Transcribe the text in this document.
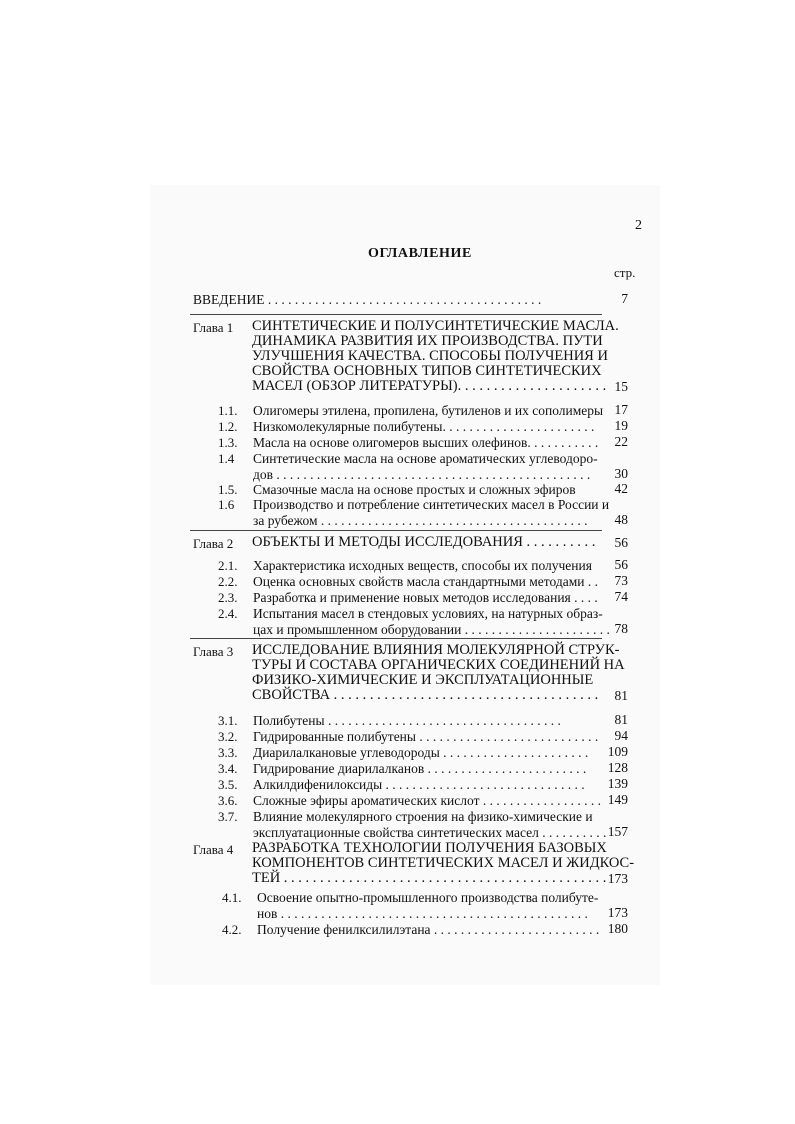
2
ОГЛАВЛЕНИЕ
стр.
ВВЕДЕНИЕ . . . . . . . . . . . . . . . . . . . . . . . . . . . . . . . . . . . . . . . . .	7
Глава 1 СИНТЕТИЧЕСКИЕ И ПОЛУСИНТЕТИЧЕСКИЕ МАСЛА.
ДИНАМИКА РАЗВИТИЯ ИХ ПРОИЗВОДСТВА. ПУТИ
УЛУЧШЕНИЯ КАЧЕСТВА. СПОСОБЫ ПОЛУЧЕНИЯ И
СВОЙСТВА ОСНОВНЫХ ТИПОВ СИНТЕТИЧЕСКИХ
МАСЕЛ (ОБЗОР ЛИТЕРАТУРЫ). . . . . . . . . . . . . . . . . . . . . 15
1.1. Олигомеры этилена, пропилена, бутиленов и их сополимеры 17
1.2. Низкомолекулярные полибутены. . . . . . . . . . . . . . . . . . . . . . .	19
1.3. Масла на основе олигомеров высших олефинов. . . . . . . . . . .	22
1.4 Синтетические масла на основе ароматических углеводоро-
дов . . . . . . . . . . . . . . . . . . . . . . . . . . . . . . . . . . . . . . . . . . . . . . .	30
1.5. Смазочные масла на основе простых и сложных эфиров	42
1.6 Производство и потребление синтетических масел в России и
за рубежом . . . . . . . . . . . . . . . . . . . . . . . . . . . . . . . . . . . . . . . .	48
Глава 2 ОБЪЕКТЫ И МЕТОДЫ ИССЛЕДОВАНИЯ . . . . . . . . . .	56
2.1. Характеристика исходных веществ, способы их получения	56
2.2. Оценка основных свойств масла стандартными методами . .	73
2.3. Разработка и применение новых методов исследования . . . .	74
2.4. Испытания масел в стендовых условиях, на натурных образ-
цах и промышленном оборудовании . . . . . . . . . . . . . . . . . . . . . . 78
Глава 3 ИССЛЕДОВАНИЕ ВЛИЯНИЯ МОЛЕКУЛЯРНОЙ СТРУК-
ТУРЫ И СОСТАВА ОРГАНИЧЕСКИХ СОЕДИНЕНИЙ НА
ФИЗИКО-ХИМИЧЕСКИЕ И ЭКСПЛУАТАЦИОННЫЕ
СВОЙСТВА . . . . . . . . . . . . . . . . . . . . . . . . . . . . . . . . . . . . .	81
3.1. Полибутены . . . . . . . . . . . . . . . . . . . . . . . . . . . . . . . . . . .	81
3.2. Гидрированные полибутены . . . . . . . . . . . . . . . . . . . . . . . . . . .	94
3.3. Диарилалкановые углеводороды . . . . . . . . . . . . . . . . . . . . . .	109
3.4. Гидрирование диарилалканов . . . . . . . . . . . . . . . . . . . . . . . .	128
3.5. Алкилдифенилоксиды . . . . . . . . . . . . . . . . . . . . . . . . . . . . . .	139
3.6. Сложные эфиры ароматических кислот . . . . . . . . . . . . . . . . . . 149
3.7. Влияние молекулярного строения на физико-химические и
эксплуатационные свойства синтетических масел . . . . . . . . . . 157
Глава 4 РАЗРАБОТКА ТЕХНОЛОГИИ ПОЛУЧЕНИЯ БАЗОВЫХ
КОМПОНЕНТОВ СИНТЕТИЧЕСКИХ МАСЕЛ И ЖИДКОС-
ТЕЙ . . . . . . . . . . . . . . . . . . . . . . . . . . . . . . . . . . . . . . . . . . . . . 173
4.1. Освоение опытно-промышленного производства полибуте-
нов . . . . . . . . . . . . . . . . . . . . . . . . . . . . . . . . . . . . . . . . . . . . . .	173
4.2. Получение фенилксилилэтана . . . . . . . . . . . . . . . . . . . . . . . . . 180
